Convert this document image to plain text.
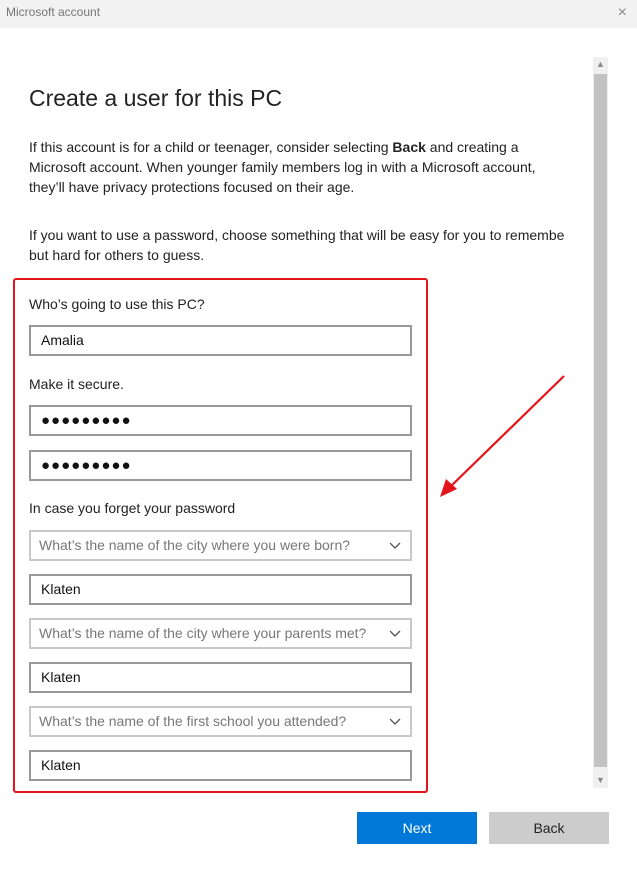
Microsoft account	×
Create a user for this PC
If this account is for a child or teenager, consider selecting Back and creating a
Microsoft account. When younger family members log in with a Microsoft account,
they’ll have privacy protections focused on their age.
If you want to use a password, choose something that will be easy for you to remembe
but hard for others to guess.
Who’s going to use this PC?
Amalia
Make it secure.
●●●●●●●●●
●●●●●●●●●
In case you forget your password
What’s the name of the city where you were born?
Klaten
What’s the name of the city where your parents met?
Klaten
What’s the name of the first school you attended?
Klaten
▲
▼
Next	Back
